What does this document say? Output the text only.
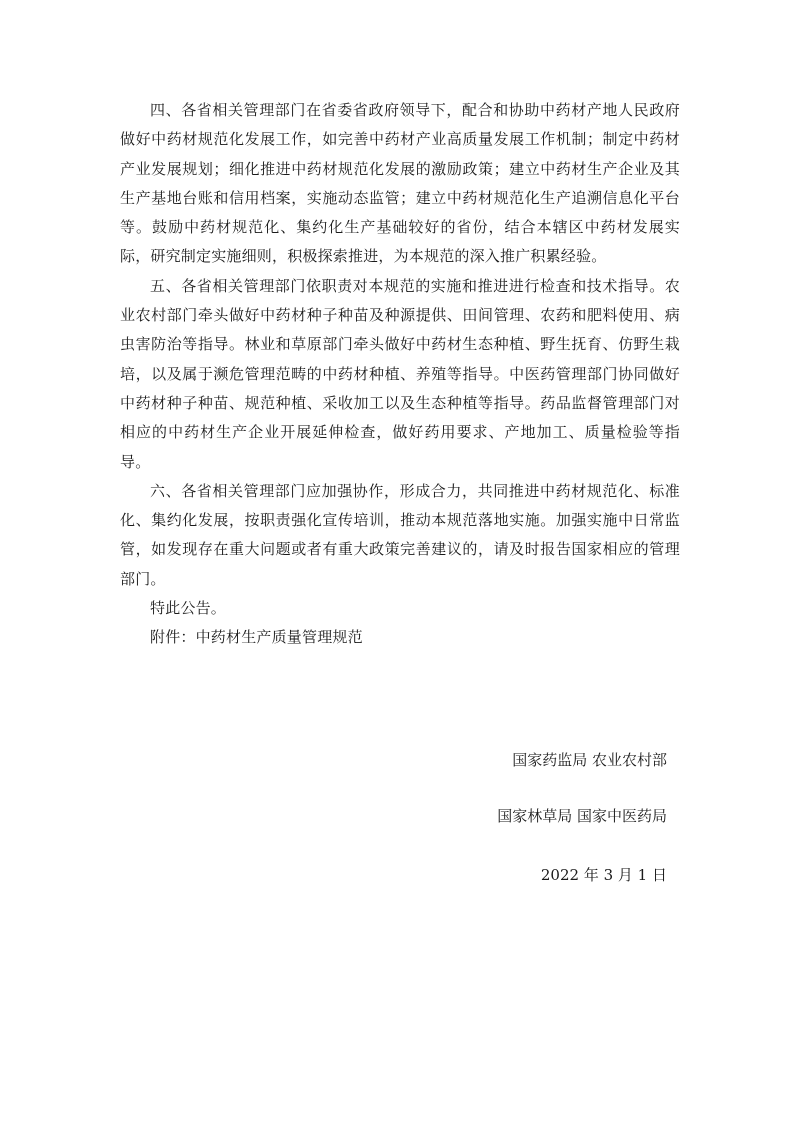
四、各省相关管理部门在省委省政府领导下，配合和协助中药材产地人民政府做好中药材规范化发展工作，如完善中药材产业高质量发展工作机制；制定中药材产业发展规划；细化推进中药材规范化发展的激励政策；建立中药材生产企业及其生产基地台账和信用档案，实施动态监管；建立中药材规范化生产追溯信息化平台等。鼓励中药材规范化、集约化生产基础较好的省份，结合本辖区中药材发展实际，研究制定实施细则，积极探索推进，为本规范的深入推广积累经验。

五、各省相关管理部门依职责对本规范的实施和推进进行检查和技术指导。农业农村部门牵头做好中药材种子种苗及种源提供、田间管理、农药和肥料使用、病虫害防治等指导。林业和草原部门牵头做好中药材生态种植、野生抚育、仿野生栽培，以及属于濒危管理范畴的中药材种植、养殖等指导。中医药管理部门协同做好中药材种子种苗、规范种植、采收加工以及生态种植等指导。药品监督管理部门对相应的中药材生产企业开展延伸检查，做好药用要求、产地加工、质量检验等指导。

六、各省相关管理部门应加强协作，形成合力，共同推进中药材规范化、标准化、集约化发展，按职责强化宣传培训，推动本规范落地实施。加强实施中日常监管，如发现存在重大问题或者有重大政策完善建议的，请及时报告国家相应的管理部门。

特此公告。

附件：中药材生产质量管理规范

国家药监局 农业农村部
国家林草局 国家中医药局
2022 年 3 月 1 日
